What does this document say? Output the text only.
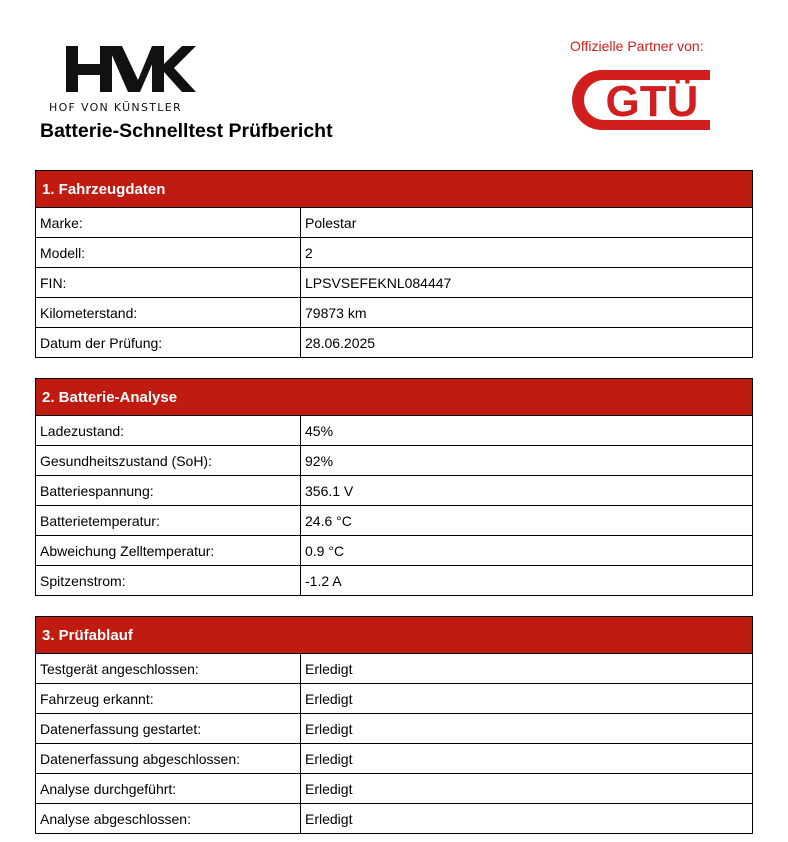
HOF VON KÜNSTLER
Batterie-Schnelltest Prüfbericht
Offizielle Partner von:
GTÜ
1. Fahrzeugdaten
Marke:	Polestar
Modell:	2
FIN:	LPSVSEFEKNL084447
Kilometerstand:	79873 km
Datum der Prüfung:	28.06.2025
2. Batterie-Analyse
Ladezustand:	45%
Gesundheitszustand (SoH):	92%
Batteriespannung:	356.1 V
Batterietemperatur:	24.6 °C
Abweichung Zelltemperatur:	0.9 °C
Spitzenstrom:	-1.2 A
3. Prüfablauf
Testgerät angeschlossen:	Erledigt
Fahrzeug erkannt:	Erledigt
Datenerfassung gestartet:	Erledigt
Datenerfassung abgeschlossen:	Erledigt
Analyse durchgeführt:	Erledigt
Analyse abgeschlossen:	Erledigt
